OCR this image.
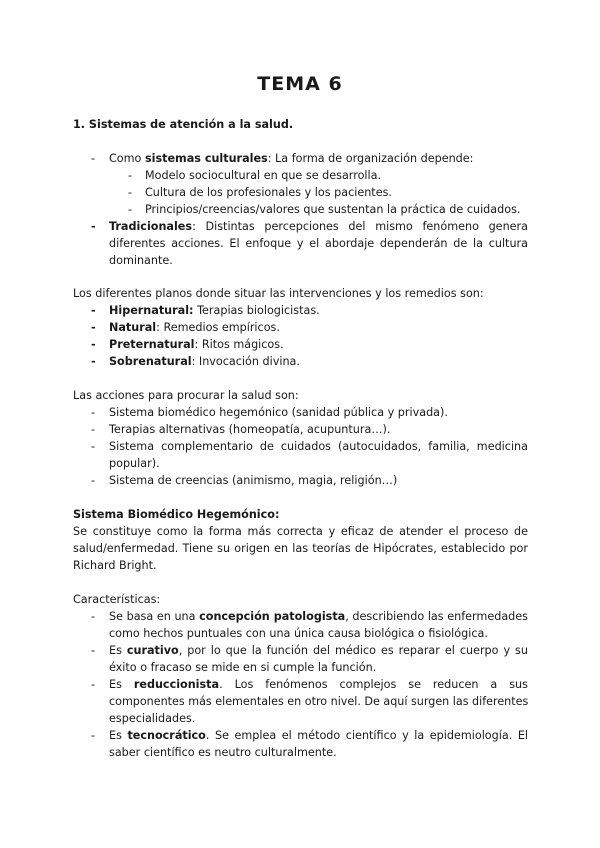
TEMA 6
1. Sistemas de atención a la salud.
- Como sistemas culturales: La forma de organización depende:
- Modelo sociocultural en que se desarrolla.
- Cultura de los profesionales y los pacientes.
- Principios/creencias/valores que sustentan la práctica de cuidados.
- Tradicionales: Distintas percepciones del mismo fenómeno genera
diferentes acciones. El enfoque y el abordaje dependerán de la cultura
dominante.
Los diferentes planos donde situar las intervenciones y los remedios son:
- Hipernatural: Terapias biologicistas.
- Natural: Remedios empíricos.
- Preternatural: Ritos mágicos.
- Sobrenatural: Invocación divina.
Las acciones para procurar la salud son:
- Sistema biomédico hegemónico (sanidad pública y privada).
- Terapias alternativas (homeopatía, acupuntura…).
- Sistema complementario de cuidados (autocuidados, familia, medicina
popular).
- Sistema de creencias (animismo, magia, religión…)
Sistema Biomédico Hegemónico:
Se constituye como la forma más correcta y eficaz de atender el proceso de
salud/enfermedad. Tiene su origen en las teorías de Hipócrates, establecido por
Richard Bright.
Características:
- Se basa en una concepción patologista, describiendo las enfermedades
como hechos puntuales con una única causa biológica o fisiológica.
- Es curativo, por lo que la función del médico es reparar el cuerpo y su
éxito o fracaso se mide en si cumple la función.
- Es reduccionista. Los fenómenos complejos se reducen a sus
componentes más elementales en otro nivel. De aquí surgen las diferentes
especialidades.
- Es tecnocrático. Se emplea el método científico y la epidemiología. El
saber científico es neutro culturalmente.
